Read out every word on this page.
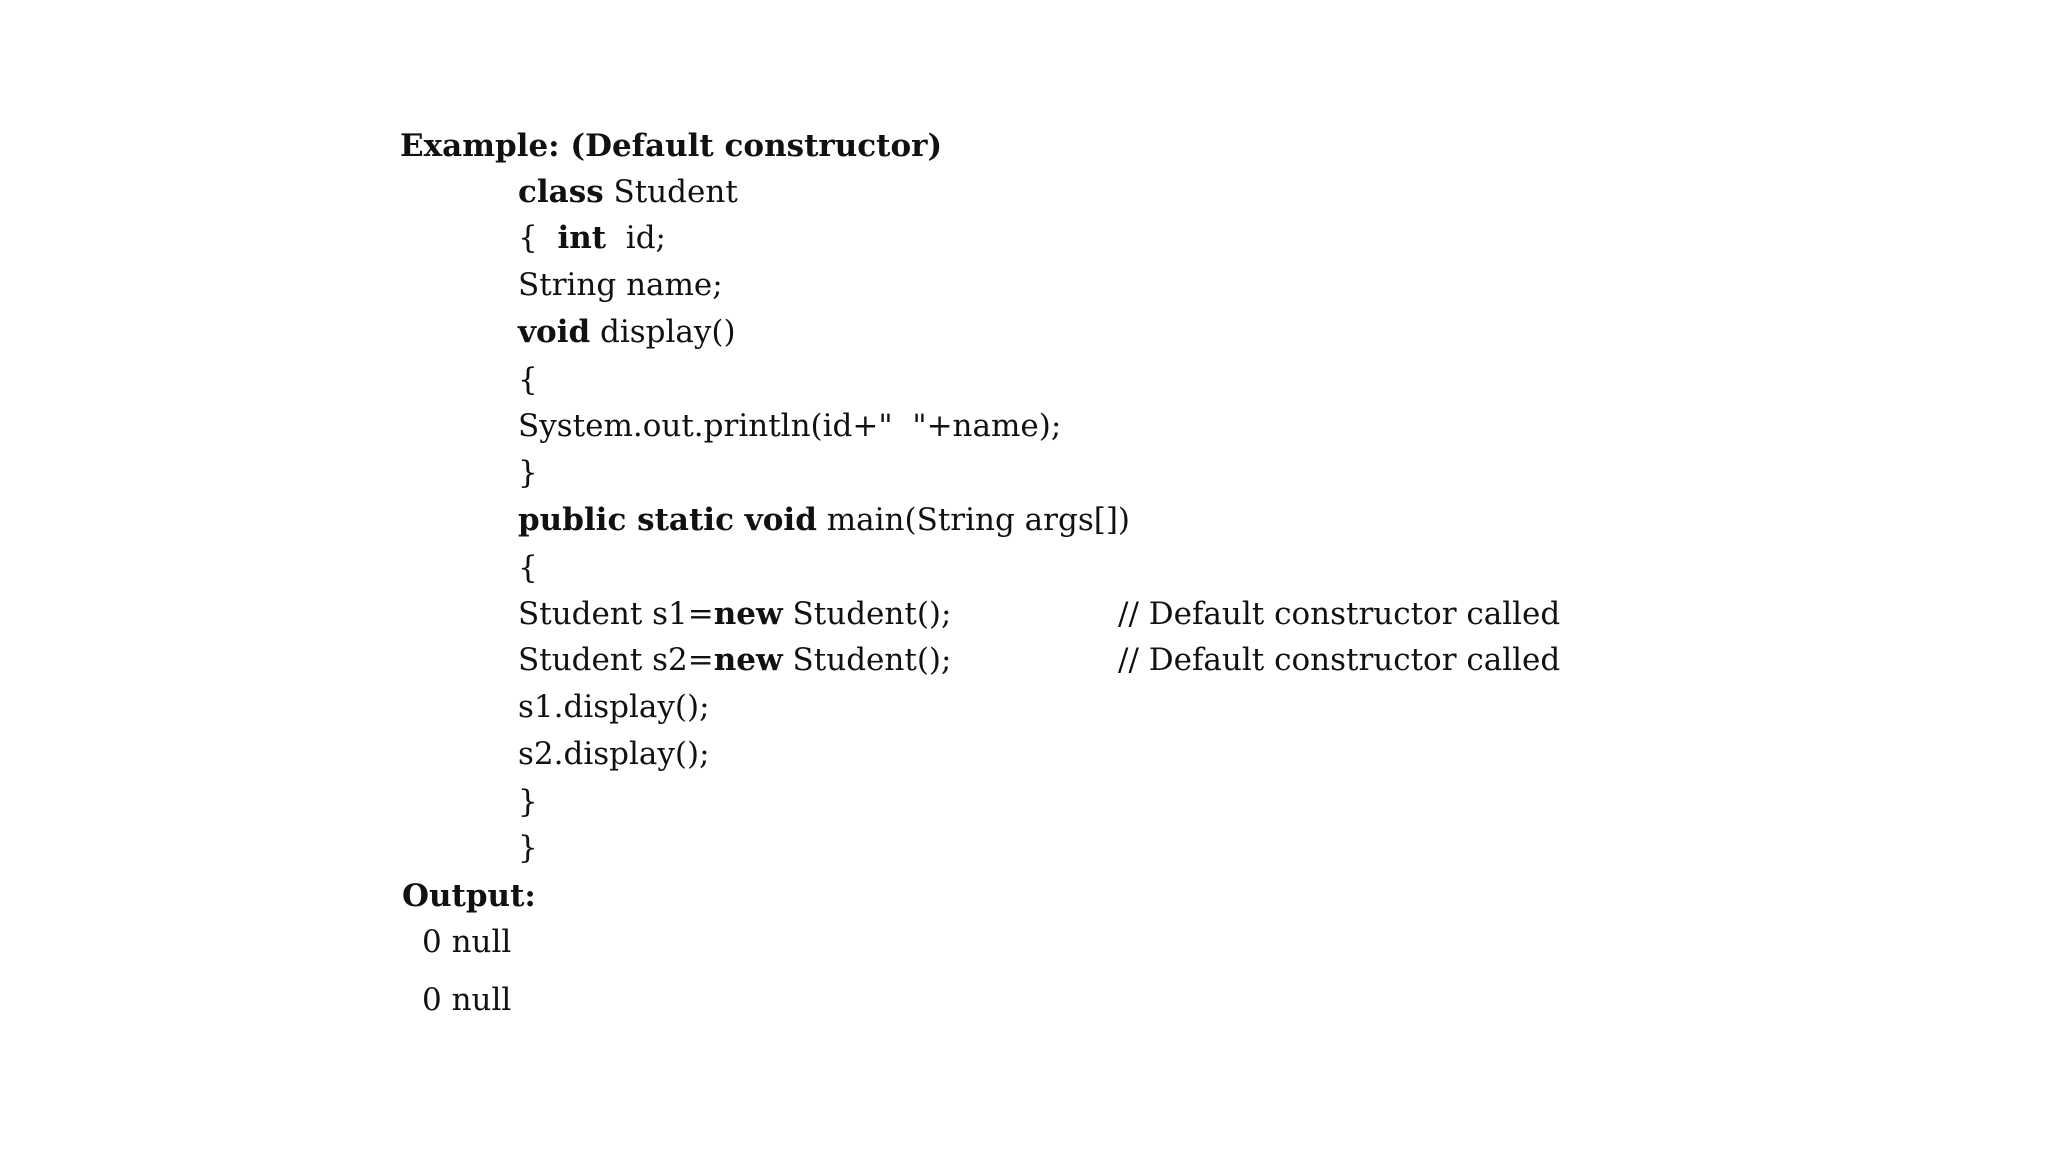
Example: (Default constructor)
class Student
{  int  id;
String name;
void display()
{
System.out.println(id+"  "+name);
}
public static void main(String args[])
{
Student s1=new Student();	// Default constructor called
Student s2=new Student();	// Default constructor called
s1.display();
s2.display();
}
}
Output:
0 null
0 null
